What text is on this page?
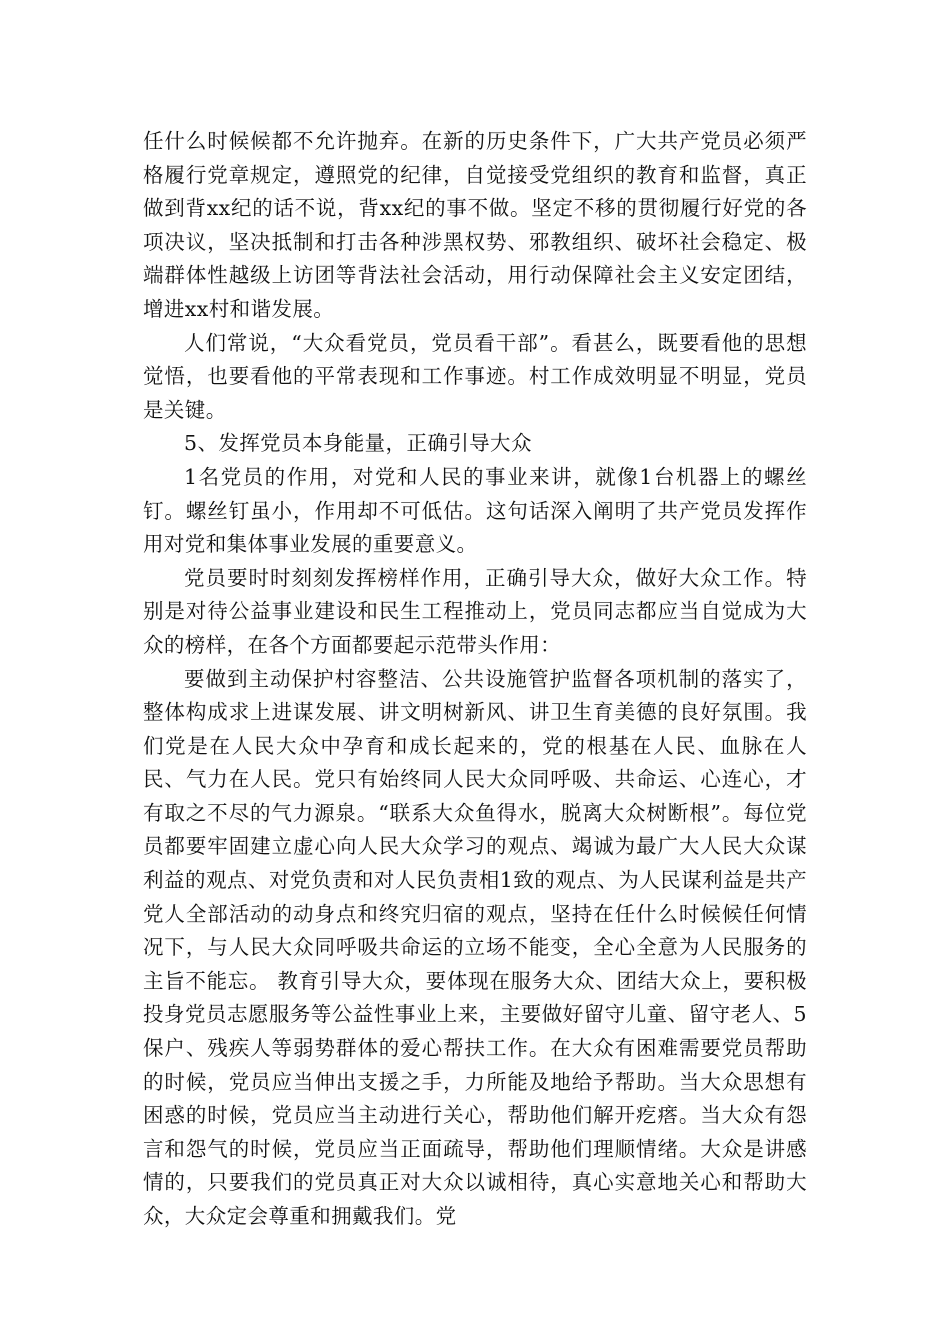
任什么时候候都不允许抛弃。在新的历史条件下，广大共产党员必须严格履行党章规定，遵照党的纪律，自觉接受党组织的教育和监督，真正做到背xx纪的话不说，背xx纪的事不做。坚定不移的贯彻履行好党的各项决议，坚决抵制和打击各种涉黑权势、邪教组织、破坏社会稳定、极端群体性越级上访团等背法社会活动，用行动保障社会主义安定团结，增进xx村和谐发展。

人们常说，“大众看党员，党员看干部”。看甚么，既要看他的思想觉悟，也要看他的平常表现和工作事迹。村工作成效明显不明显，党员是关键。

5、发挥党员本身能量，正确引导大众

1名党员的作用，对党和人民的事业来讲，就像1台机器上的螺丝钉。螺丝钉虽小，作用却不可低估。这句话深入阐明了共产党员发挥作用对党和集体事业发展的重要意义。

党员要时时刻刻发挥榜样作用，正确引导大众，做好大众工作。特别是对待公益事业建设和民生工程推动上，党员同志都应当自觉成为大众的榜样，在各个方面都要起示范带头作用：

要做到主动保护村容整洁、公共设施管护监督各项机制的落实了，整体构成求上进谋发展、讲文明树新风、讲卫生育美德的良好氛围。我们党是在人民大众中孕育和成长起来的，党的根基在人民、血脉在人民、气力在人民。党只有始终同人民大众同呼吸、共命运、心连心，才有取之不尽的气力源泉。“联系大众鱼得水，脱离大众树断根”。每位党员都要牢固建立虚心向人民大众学习的观点、竭诚为最广大人民大众谋利益的观点、对党负责和对人民负责相1致的观点、为人民谋利益是共产党人全部活动的动身点和终究归宿的观点，坚持在任什么时候候任何情况下，与人民大众同呼吸共命运的立场不能变，全心全意为人民服务的主旨不能忘。 教育引导大众，要体现在服务大众、团结大众上，要积极投身党员志愿服务等公益性事业上来，主要做好留守儿童、留守老人、5保户、残疾人等弱势群体的爱心帮扶工作。在大众有困难需要党员帮助的时候，党员应当伸出支援之手，力所能及地给予帮助。当大众思想有困惑的时候，党员应当主动进行关心，帮助他们解开疙瘩。当大众有怨言和怨气的时候，党员应当正面疏导，帮助他们理顺情绪。大众是讲感情的，只要我们的党员真正对大众以诚相待，真心实意地关心和帮助大众，大众定会尊重和拥戴我们。党
